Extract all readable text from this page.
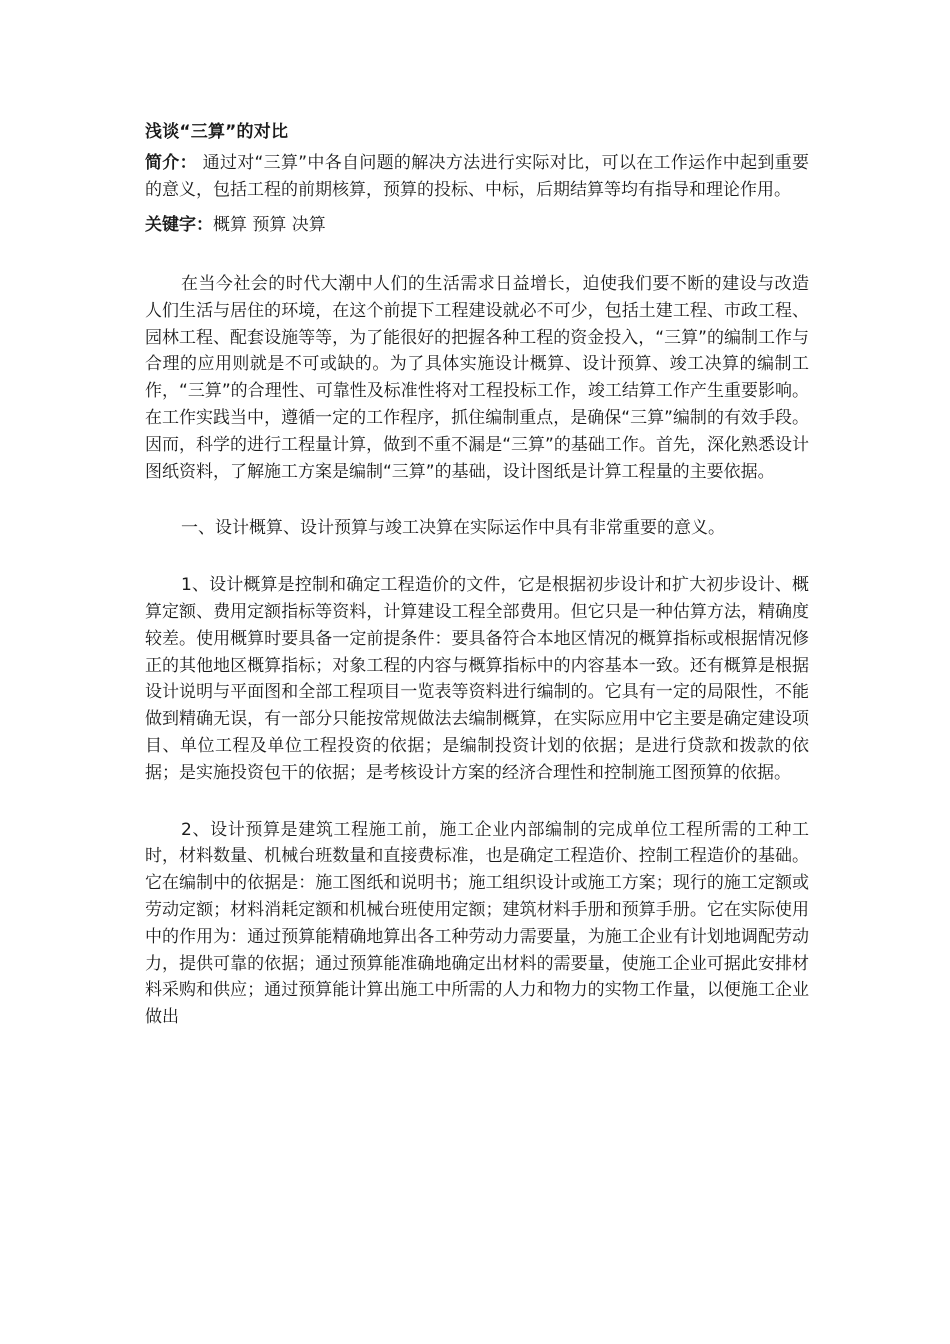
浅谈“三算”的对比

简介： 通过对“三算”中各自问题的解决方法进行实际对比，可以在工作运作中起到重要的意义，包括工程的前期核算，预算的投标、中标，后期结算等均有指导和理论作用。

关键字：概算 预算 决算

在当今社会的时代大潮中人们的生活需求日益增长，迫使我们要不断的建设与改造人们生活与居住的环境，在这个前提下工程建设就必不可少，包括土建工程、市政工程、园林工程、配套设施等等，为了能很好的把握各种工程的资金投入，“三算”的编制工作与合理的应用则就是不可或缺的。为了具体实施设计概算、设计预算、竣工决算的编制工作，“三算”的合理性、可靠性及标准性将对工程投标工作，竣工结算工作产生重要影响。在工作实践当中，遵循一定的工作程序，抓住编制重点，是确保“三算”编制的有效手段。因而，科学的进行工程量计算，做到不重不漏是“三算”的基础工作。首先，深化熟悉设计图纸资料，了解施工方案是编制“三算”的基础，设计图纸是计算工程量的主要依据。

一、设计概算、设计预算与竣工决算在实际运作中具有非常重要的意义。

1、设计概算是控制和确定工程造价的文件，它是根据初步设计和扩大初步设计、概算定额、费用定额指标等资料，计算建设工程全部费用。但它只是一种估算方法，精确度较差。使用概算时要具备一定前提条件：要具备符合本地区情况的概算指标或根据情况修正的其他地区概算指标；对象工程的内容与概算指标中的内容基本一致。还有概算是根据设计说明与平面图和全部工程项目一览表等资料进行编制的。它具有一定的局限性，不能做到精确无误，有一部分只能按常规做法去编制概算，在实际应用中它主要是确定建设项目、单位工程及单位工程投资的依据；是编制投资计划的依据；是进行贷款和拨款的依据；是实施投资包干的依据；是考核设计方案的经济合理性和控制施工图预算的依据。

2、设计预算是建筑工程施工前，施工企业内部编制的完成单位工程所需的工种工时，材料数量、机械台班数量和直接费标准，也是确定工程造价、控制工程造价的基础。它在编制中的依据是：施工图纸和说明书；施工组织设计或施工方案；现行的施工定额或劳动定额；材料消耗定额和机械台班使用定额；建筑材料手册和预算手册。它在实际使用中的作用为：通过预算能精确地算出各工种劳动力需要量，为施工企业有计划地调配劳动力，提供可靠的依据；通过预算能准确地确定出材料的需要量，使施工企业可据此安排材料采购和供应；通过预算能计算出施工中所需的人力和物力的实物工作量，以便施工企业做出
